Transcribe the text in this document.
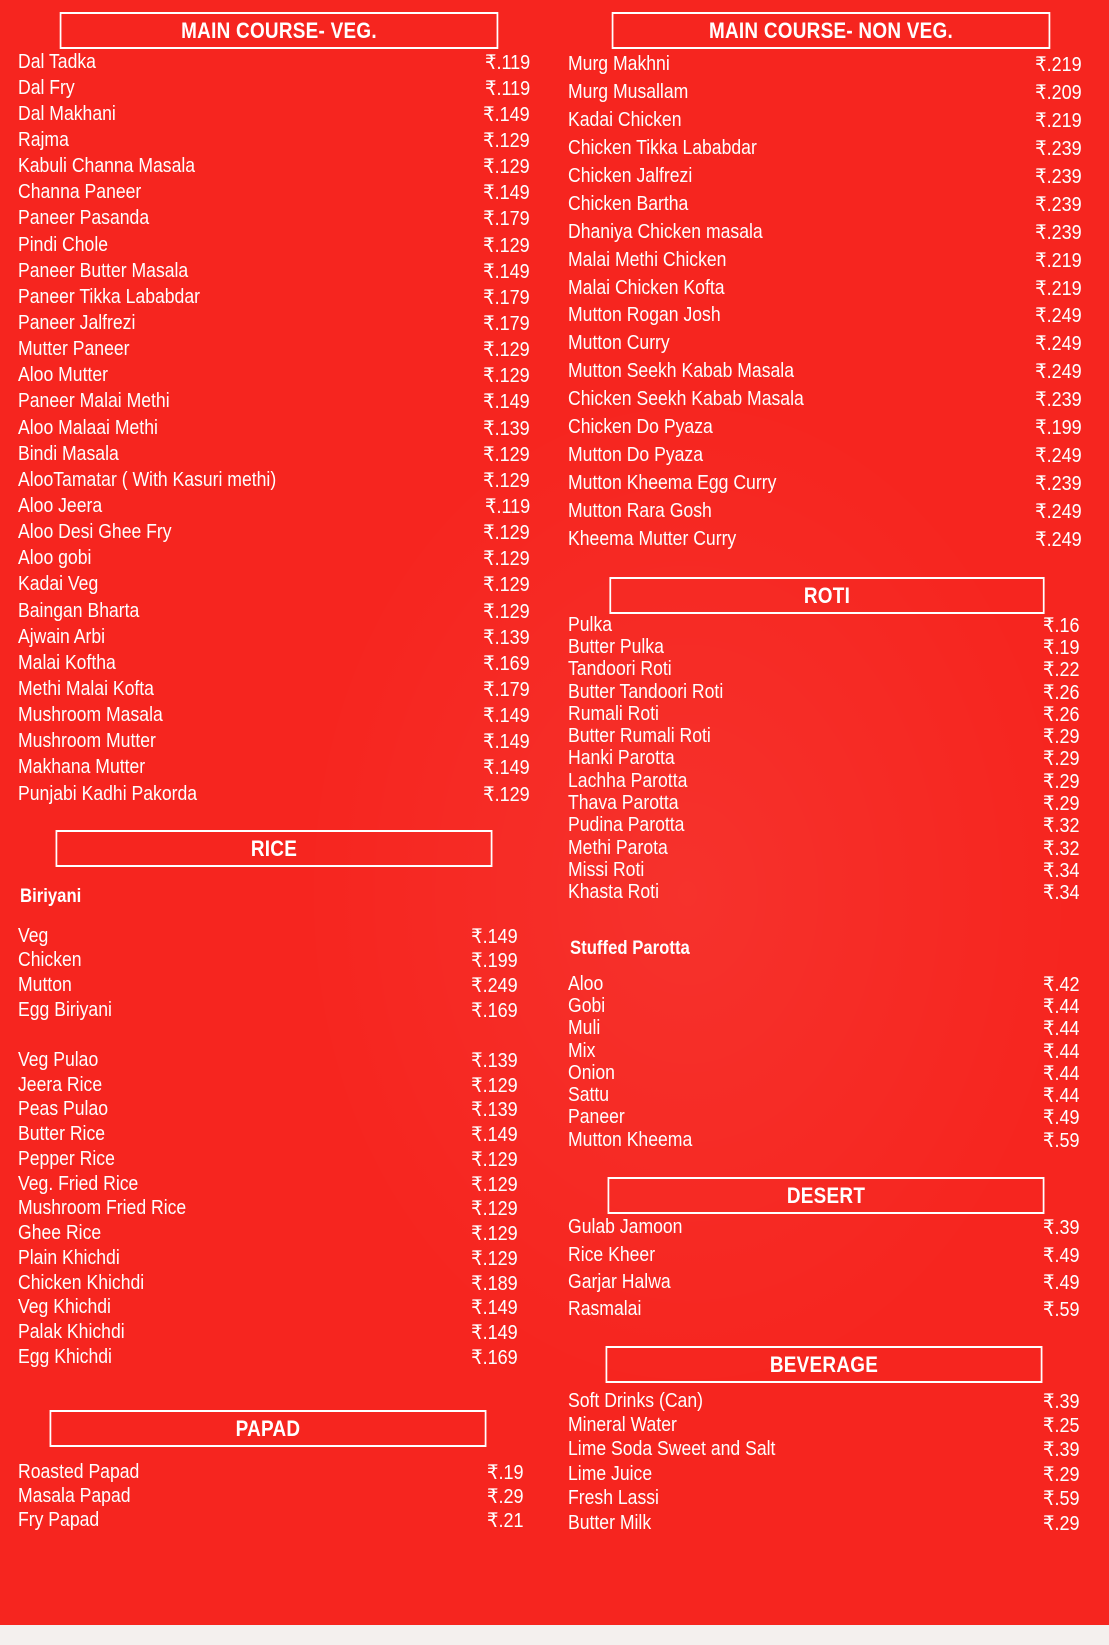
MAIN COURSE- VEG.
Dal Tadka	₹.119
Dal Fry	₹.119
Dal Makhani	₹.149
Rajma	₹.129
Kabuli Channa Masala	₹.129
Channa Paneer	₹.149
Paneer Pasanda	₹.179
Pindi Chole	₹.129
Paneer Butter Masala	₹.149
Paneer Tikka Lababdar	₹.179
Paneer Jalfrezi	₹.179
Mutter Paneer	₹.129
Aloo Mutter	₹.129
Paneer Malai Methi	₹.149
Aloo Malaai Methi	₹.139
Bindi Masala	₹.129
AlooTamatar ( With Kasuri methi)	₹.129
Aloo Jeera	₹.119
Aloo Desi Ghee Fry	₹.129
Aloo gobi	₹.129
Kadai Veg	₹.129
Baingan Bharta	₹.129
Ajwain Arbi	₹.139
Malai Koftha	₹.169
Methi Malai Kofta	₹.179
Mushroom Masala	₹.149
Mushroom Mutter	₹.149
Makhana Mutter	₹.149
Punjabi Kadhi Pakorda	₹.129
RICE
Biriyani
Veg	₹.149
Chicken	₹.199
Mutton	₹.249
Egg Biriyani	₹.169
Veg Pulao	₹.139
Jeera Rice	₹.129
Peas Pulao	₹.139
Butter Rice	₹.149
Pepper Rice	₹.129
Veg. Fried Rice	₹.129
Mushroom Fried Rice	₹.129
Ghee Rice	₹.129
Plain Khichdi	₹.129
Chicken Khichdi	₹.189
Veg Khichdi	₹.149
Palak Khichdi	₹.149
Egg Khichdi	₹.169
PAPAD
Roasted Papad	₹.19
Masala Papad	₹.29
Fry Papad	₹.21
MAIN COURSE- NON VEG.
Murg Makhni	₹.219
Murg Musallam	₹.209
Kadai Chicken	₹.219
Chicken Tikka Lababdar	₹.239
Chicken Jalfrezi	₹.239
Chicken Bartha	₹.239
Dhaniya Chicken masala	₹.239
Malai Methi Chicken	₹.219
Malai Chicken Kofta	₹.219
Mutton Rogan Josh	₹.249
Mutton Curry	₹.249
Mutton Seekh Kabab Masala	₹.249
Chicken Seekh Kabab Masala	₹.239
Chicken Do Pyaza	₹.199
Mutton Do Pyaza	₹.249
Mutton Kheema Egg Curry	₹.239
Mutton Rara Gosh	₹.249
Kheema Mutter Curry	₹.249
ROTI
Pulka	₹.16
Butter Pulka	₹.19
Tandoori Roti	₹.22
Butter Tandoori Roti	₹.26
Rumali Roti	₹.26
Butter Rumali Roti	₹.29
Hanki Parotta	₹.29
Lachha Parotta	₹.29
Thava Parotta	₹.29
Pudina Parotta	₹.32
Methi Parota	₹.32
Missi Roti	₹.34
Khasta Roti	₹.34
Stuffed Parotta
Aloo	₹.42
Gobi	₹.44
Muli	₹.44
Mix	₹.44
Onion	₹.44
Sattu	₹.44
Paneer	₹.49
Mutton Kheema	₹.59
DESERT
Gulab Jamoon	₹.39
Rice Kheer	₹.49
Garjar Halwa	₹.49
Rasmalai	₹.59
BEVERAGE
Soft Drinks (Can)	₹.39
Mineral Water	₹.25
Lime Soda Sweet and Salt	₹.39
Lime Juice	₹.29
Fresh Lassi	₹.59
Butter Milk	₹.29
